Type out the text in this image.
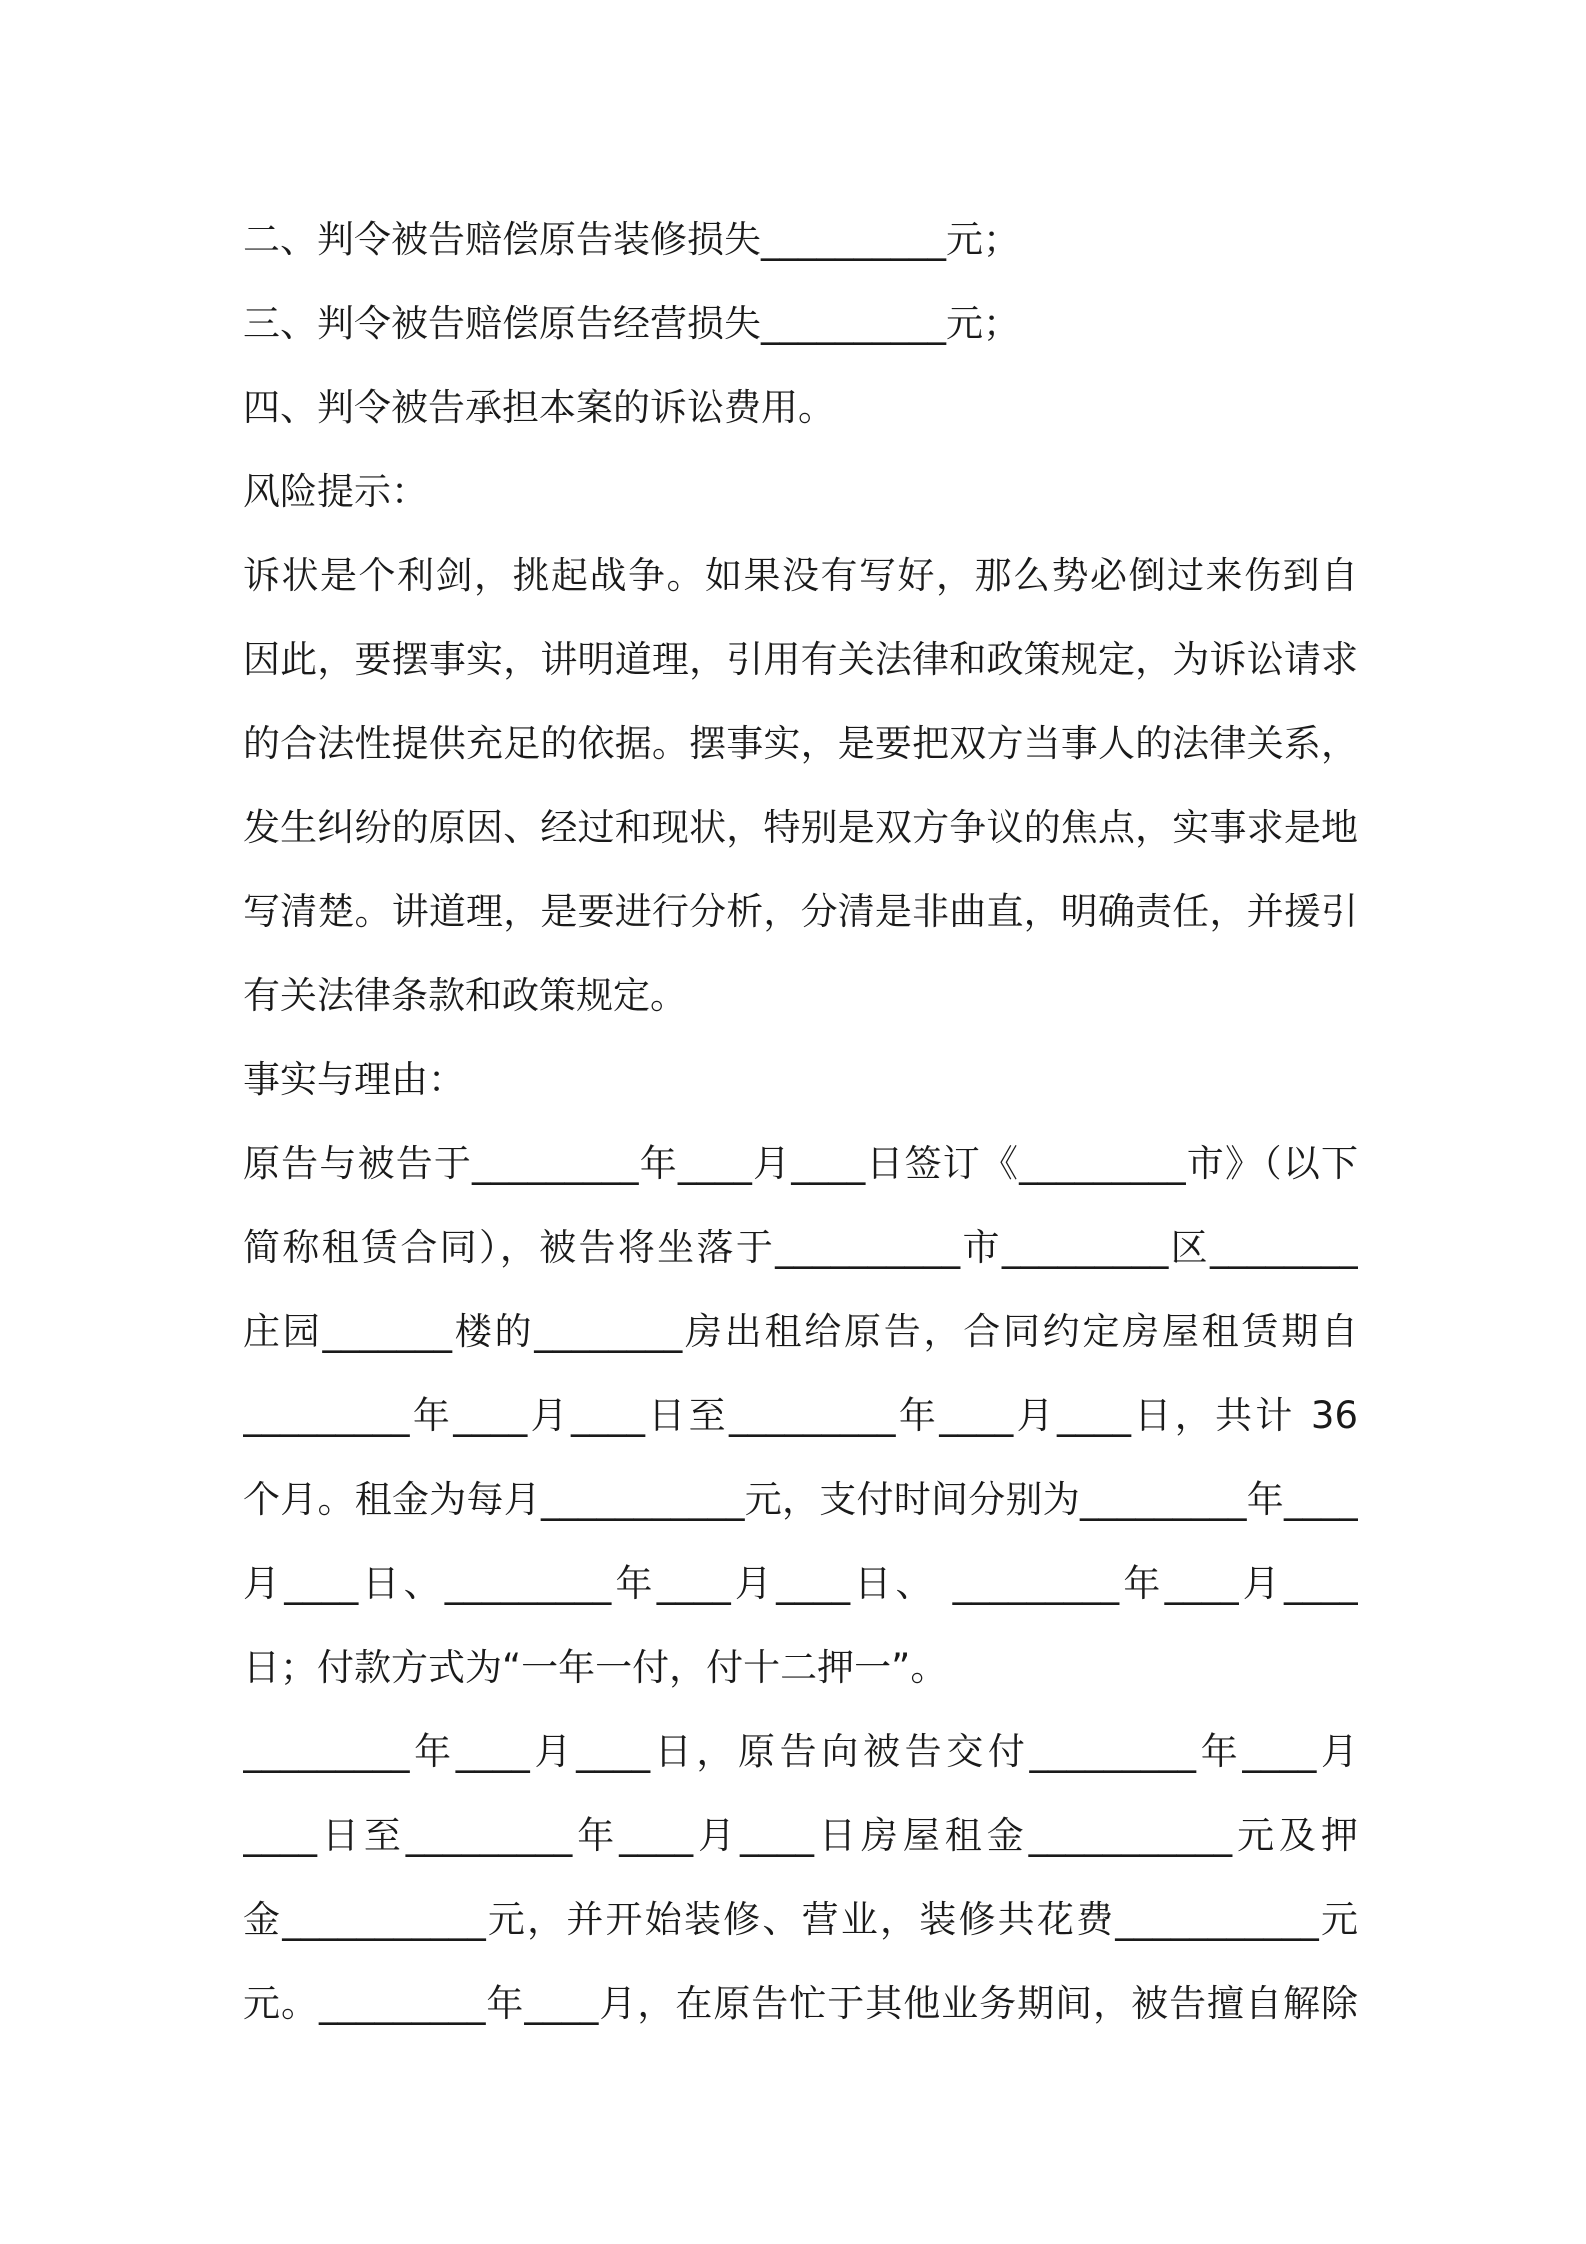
二、判令被告赔偿原告装修损失__________元；

三、判令被告赔偿原告经营损失__________元；

四、判令被告承担本案的诉讼费用。

风险提示：

诉状是个利剑，挑起战争。如果没有写好，那么势必倒过来伤到自

因此，要摆事实，讲明道理，引用有关法律和政策规定，为诉讼请求

的合法性提供充足的依据。摆事实，是要把双方当事人的法律关系，

发生纠纷的原因、经过和现状，特别是双方争议的焦点，实事求是地

写清楚。讲道理，是要进行分析，分清是非曲直，明确责任，并援引

有关法律条款和政策规定。

事实与理由：

原告与被告于_________年____月____日签订《_________市》（以下

简称租赁合同），被告将坐落于__________市_________区________

庄园_______楼的________房出租给原告，合同约定房屋租赁期自

_________年____月____日至_________年____月____日，共计 36

个月。租金为每月___________元，支付时间分别为_________年____

月____日、_________年____月____日、 _________年____月____

日；付款方式为“一年一付，付十二押一”。

_________年____月____日，原告向被告交付_________年____月

____日至_________年____月____日房屋租金___________元及押

金___________元，并开始装修、营业，装修共花费___________元

元。_________年____月，在原告忙于其他业务期间，被告擅自解除
